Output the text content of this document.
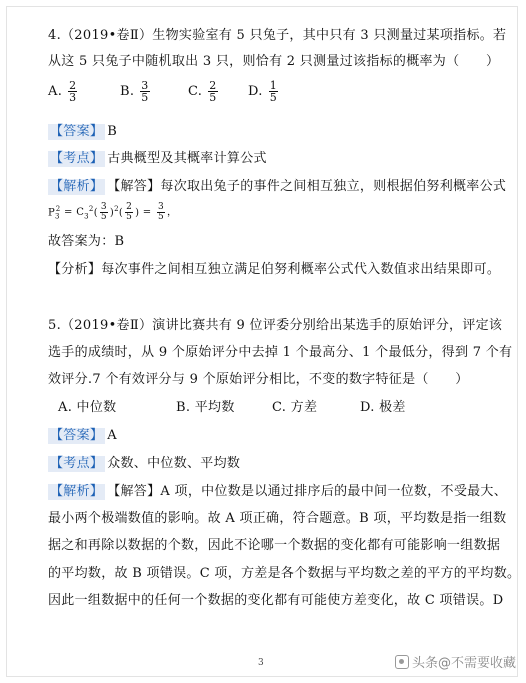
4.（2019•卷Ⅱ）生物实验室有 5 只兔子，其中只有 3 只测量过某项指标。若
从这 5 只兔子中随机取出 3 只，则恰有 2 只测量过该指标的概率为（　　）
A. $\frac{2}{3}$	B. $\frac{3}{5}$	C. $\frac{2}{5} D$. $\frac{1}{5}$
【答案】 B
【考点】 古典概型及其概率计算公式
【解析】 【解答】每次取出兔子的事件之间相互独立，则根据伯努利概率公式
$P_3^2 = C_3^2( \frac{3}{5} )^2( \frac{2}{5}$ ) = $\frac{3}{5}$ ，
故答案为：B
【分析】每次事件之间相互独立满足伯努利概率公式代入数值求出结果即可。
5.（2019•卷Ⅱ）演讲比赛共有 9 位评委分别给出某选手的原始评分，评定该
选手的成绩时，从 9 个原始评分中去掉 1 个最高分、1 个最低分，得到 7 个有
效评分.7 个有效评分与 9 个原始评分相比，不变的数字特征是（　　）
A. 中位数	B. 平均数	C. 方差	D. 极差
【答案】 A
【考点】 众数、中位数、平均数
【解析】 【解答】A 项，中位数是以通过排序后的最中间一位数，不受最大、
最小两个极端数值的影响。故 A 项正确，符合题意。B 项，平均数是指一组数
据之和再除以数据的个数，因此不论哪一个数据的变化都有可能影响一组数据
的平均数，故 B 项错误。C 项，方差是各个数据与平均数之差的平方的平均数。
因此一组数据中的任何一个数据的变化都有可能使方差变化，故 C 项错误。D
3	头条@不需要收藏
